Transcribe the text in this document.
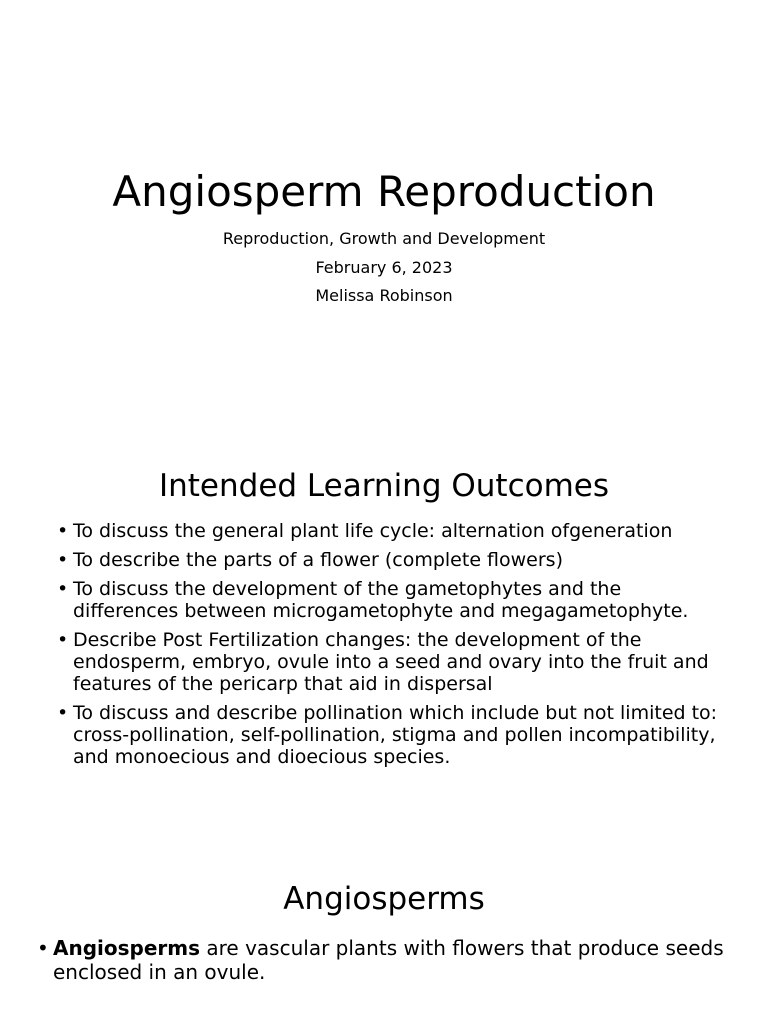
Angiosperm Reproduction

Reproduction, Growth and Development

February 6, 2023

Melissa Robinson

Intended Learning Outcomes
• To discuss the general plant life cycle: alternation ofgeneration
• To describe the parts of a flower (complete flowers)
• To discuss the development of the gametophytes and the differences between microgametophyte and megagametophyte.
• Describe Post Fertilization changes: the development of the endosperm, embryo, ovule into a seed and ovary into the fruit and features of the pericarp that aid in dispersal
• To discuss and describe pollination which include but not limited to: cross-pollination, self-pollination, stigma and pollen incompatibility, and monoecious and dioecious species.
Angiosperms
• Angiosperms are vascular plants with flowers that produce seeds enclosed in an ovule.
